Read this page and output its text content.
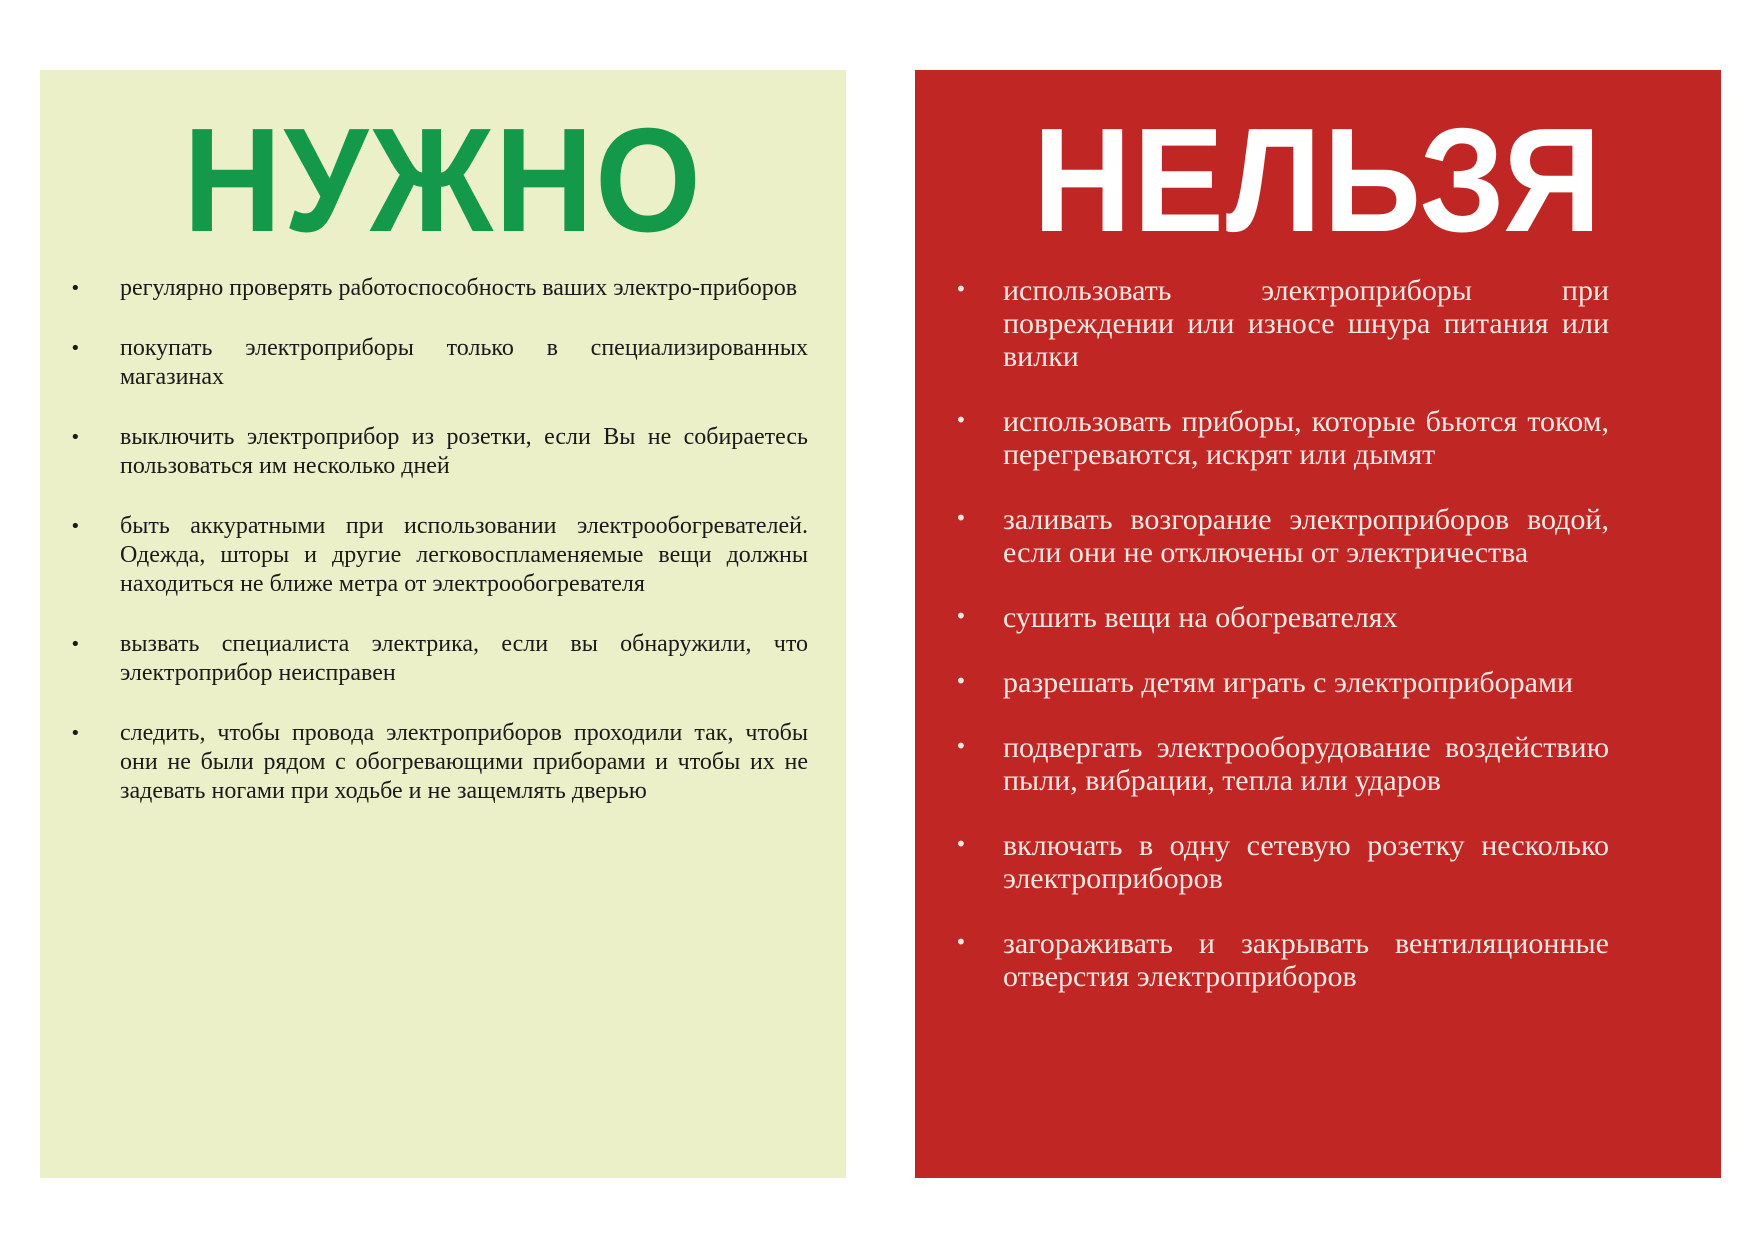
НУЖНО
• регулярно проверять работоспособность ваших электро-приборов
• покупать электроприборы только в специализированных магазинах
• выключить электроприбор из розетки, если Вы не собираетесь пользоваться им несколько дней
• быть аккуратными при использовании электрообогревателей. Одежда, шторы и другие легковоспламеняемые вещи должны находиться не ближе метра от электрообогревателя
• вызвать специалиста электрика, если вы обнаружили, что электроприбор неисправен
• следить, чтобы провода электроприборов проходили так, чтобы они не были рядом с обогревающими приборами и чтобы их не задевать ногами при ходьбе и не защемлять дверью
НЕЛЬЗЯ
• использовать электроприборы при повреждении или износе шнура питания или вилки
• использовать приборы, которые бьются током, перегреваются, искрят или дымят
• заливать возгорание электроприборов водой, если они не отключены от электричества
• сушить вещи на обогревателях
• разрешать детям играть с электроприборами
• подвергать электрооборудование воздействию пыли, вибрации, тепла или ударов
• включать в одну сетевую розетку несколько электроприборов
• загораживать и закрывать вентиляционные отверстия электроприборов
